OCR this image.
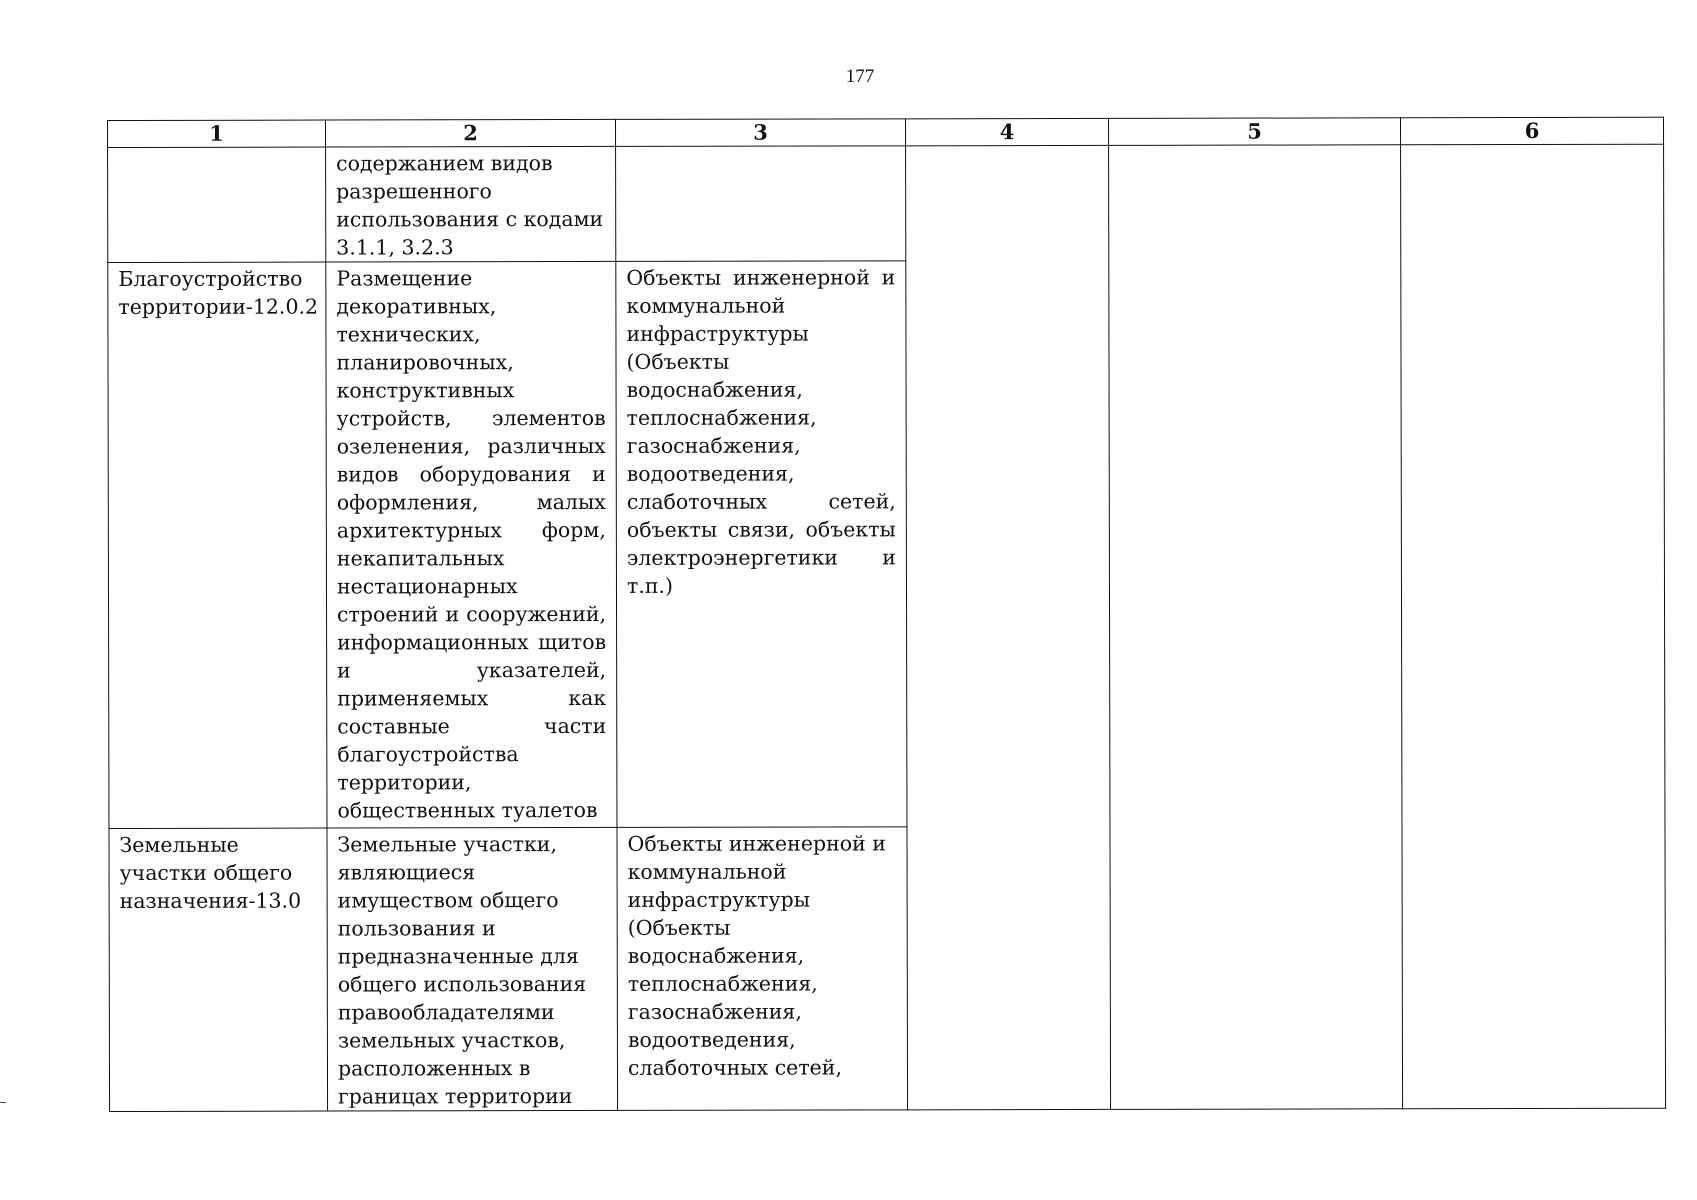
177
1	2	3	4	5	6
	содержанием видов разрешенного использования с кодами 3.1.1, 3.2.3				
Благоустройство территории-12.0.2	Размещение декоративных, технических, планировочных, конструктивных устройств, элементов озеленения, различных видов оборудования и оформления, малых архитектурных форм, некапитальных нестационарных строений и сооружений, информационных щитов и указателей, применяемых как составные части благоустройства территории, общественных туалетов	Объекты инженерной и коммунальной инфраструктуры (Объекты водоснабжения, теплоснабжения, газоснабжения, водоотведения, слаботочных сетей, объекты связи, объекты электроэнергетики и т.п.)			
Земельные участки общего назначения-13.0	Земельные участки, являющиеся имуществом общего пользования и предназначенные для общего использования правообладателями земельных участков, расположенных в границах территории	Объекты инженерной и коммунальной инфраструктуры (Объекты водоснабжения, теплоснабжения, газоснабжения, водоотведения, слаботочных сетей,			
